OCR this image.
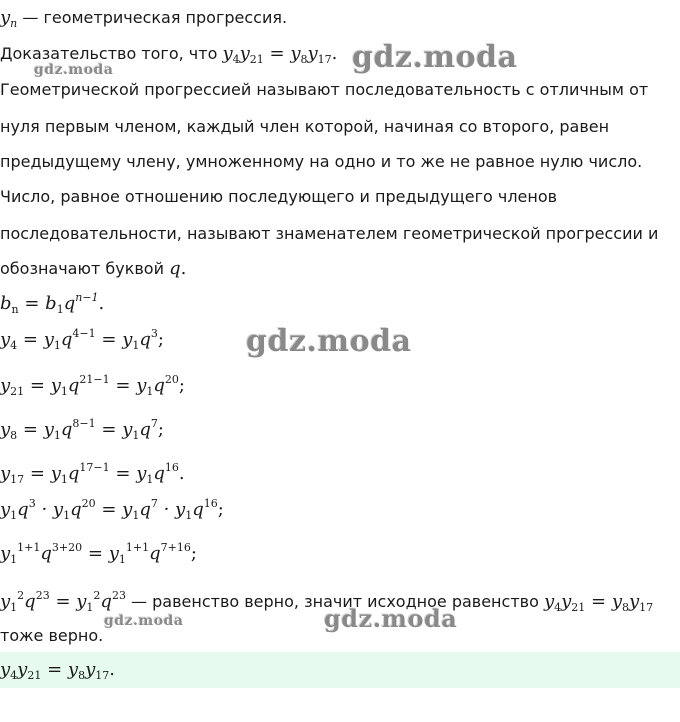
$y_n$ — геометрическая прогрессия.
Доказательство того, что $y_4y_{21} = y_8y_{17}$.
Геометрической прогрессией называют последовательность с отличным от
нуля первым членом, каждый член которой, начиная со второго, равен
предыдущему члену, умноженному на одно и то же не равное нулю число.
Число, равное отношению последующего и предыдущего членов
последовательности, называют знаменателем геометрической прогрессии и
обозначают буквой q.
$b_n = b_1q^{n-1}$.
$y_4 = y_1q^{4-1} = y_1q^3$;
$y_{21} = y_1q^{21-1} = y_1q^{20}$;
$y_8 = y_1q^{8-1} = y_1q^7$;
$y_{17} = y_1q^{17-1} = y_1q^{16}$.
$y_1q^3 \cdot y_1q^{20} = y_1q^7 \cdot y_1q^{16}$;
$y_1^{1+1}q^{3+20} = y_1^{1+1}q^{7+16}$;
$y_1^2q^{23} = y_1^2q^{23}$ — равенство верно, значит исходное равенство $y_4y_{21} = y_8y_{17}$
тоже верно.
$y_4y_{21} = y_8y_{17}$.
gdz.moda
gdz.moda
gdz.moda
gdz.moda	gdz.moda
